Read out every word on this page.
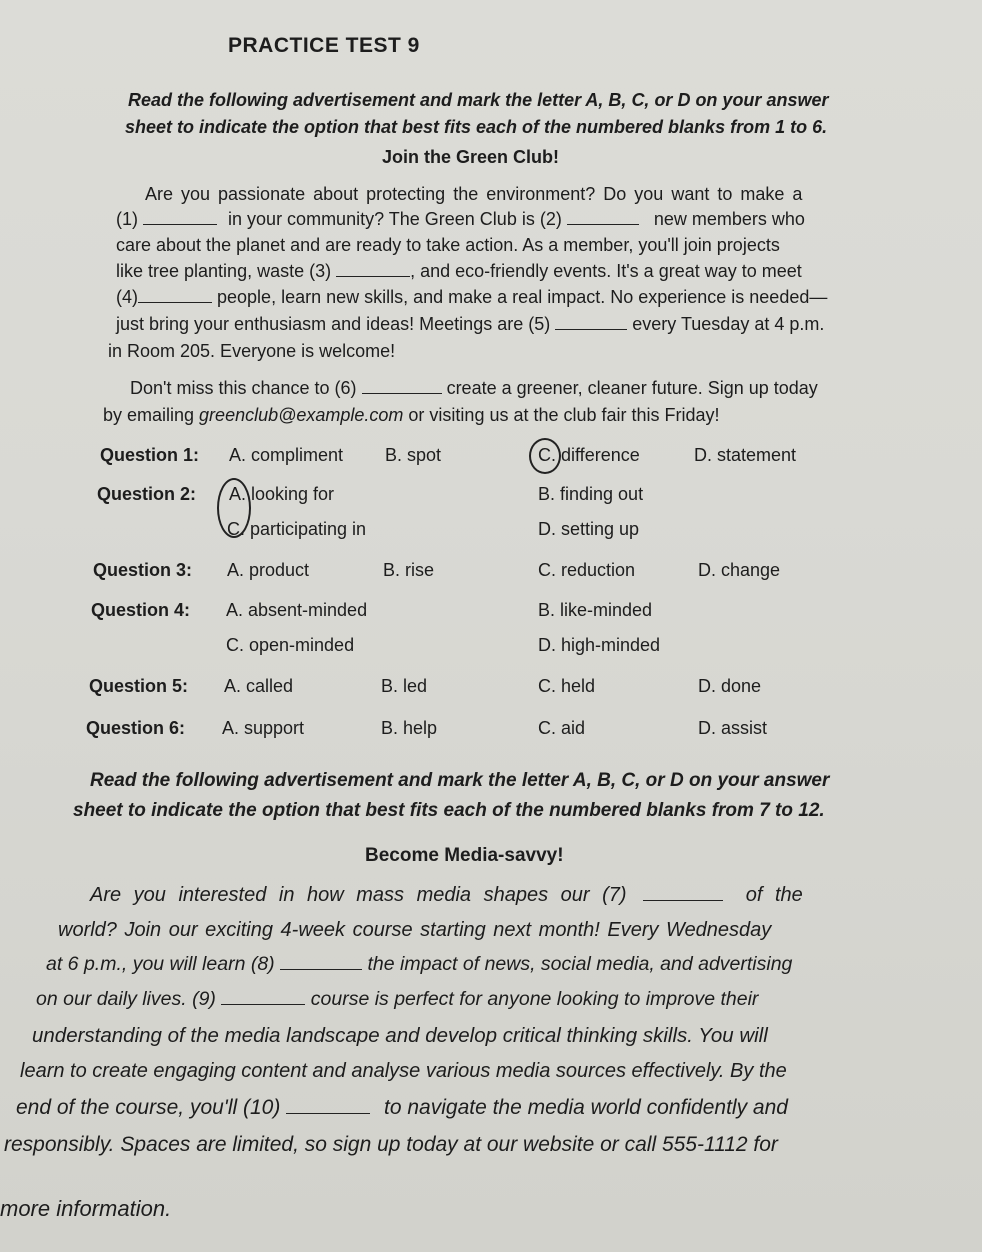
PRACTICE TEST 9
Read the following advertisement and mark the letter A, B, C, or D on your answer
sheet to indicate the option that best fits each of the numbered blanks from 1 to 6.
Join the Green Club!
Are you passionate about protecting the environment? Do you want to make a
(1)	in your community? The Green Club is (2)	new members who
care about the planet and are ready to take action. As a member, you'll join projects
like tree planting, waste (3)	, and eco-friendly events. It's a great way to meet
(4)	people, learn new skills, and make a real impact. No experience is needed—
just bring your enthusiasm and ideas! Meetings are (5)	every Tuesday at 4 p.m.
in Room 205. Everyone is welcome!
Don't miss this chance to (6)	create a greener, cleaner future. Sign up today
by emailing greenclub@example.com or visiting us at the club fair this Friday!
Question 1: A. compliment B. spot	C. difference	D. statement
Question 2: A. looking for	B. finding out
C. participating in	D. setting up
Question 3: A. product	B. rise	C. reduction	D. change
Question 4: A. absent-minded	B. like-minded
C. open-minded	D. high-minded
Question 5: A. called	B. led	C. held	D. done
Question 6: A. support	B. help	C. aid	D. assist
Read the following advertisement and mark the letter A, B, C, or D on your answer
sheet to indicate the option that best fits each of the numbered blanks from 7 to 12.
Become Media-savvy!
Are you interested in how mass media shapes our (7)	of the
world? Join our exciting 4-week course starting next month! Every Wednesday
at 6 p.m., you will learn (8)	the impact of news, social media, and advertising
on our daily lives. (9)	course is perfect for anyone looking to improve their
understanding of the media landscape and develop critical thinking skills. You will
learn to create engaging content and analyse various media sources effectively. By the
end of the course, you'll (10)	to navigate the media world confidently and
responsibly. Spaces are limited, so sign up today at our website or call 555-1112 for
more information.
